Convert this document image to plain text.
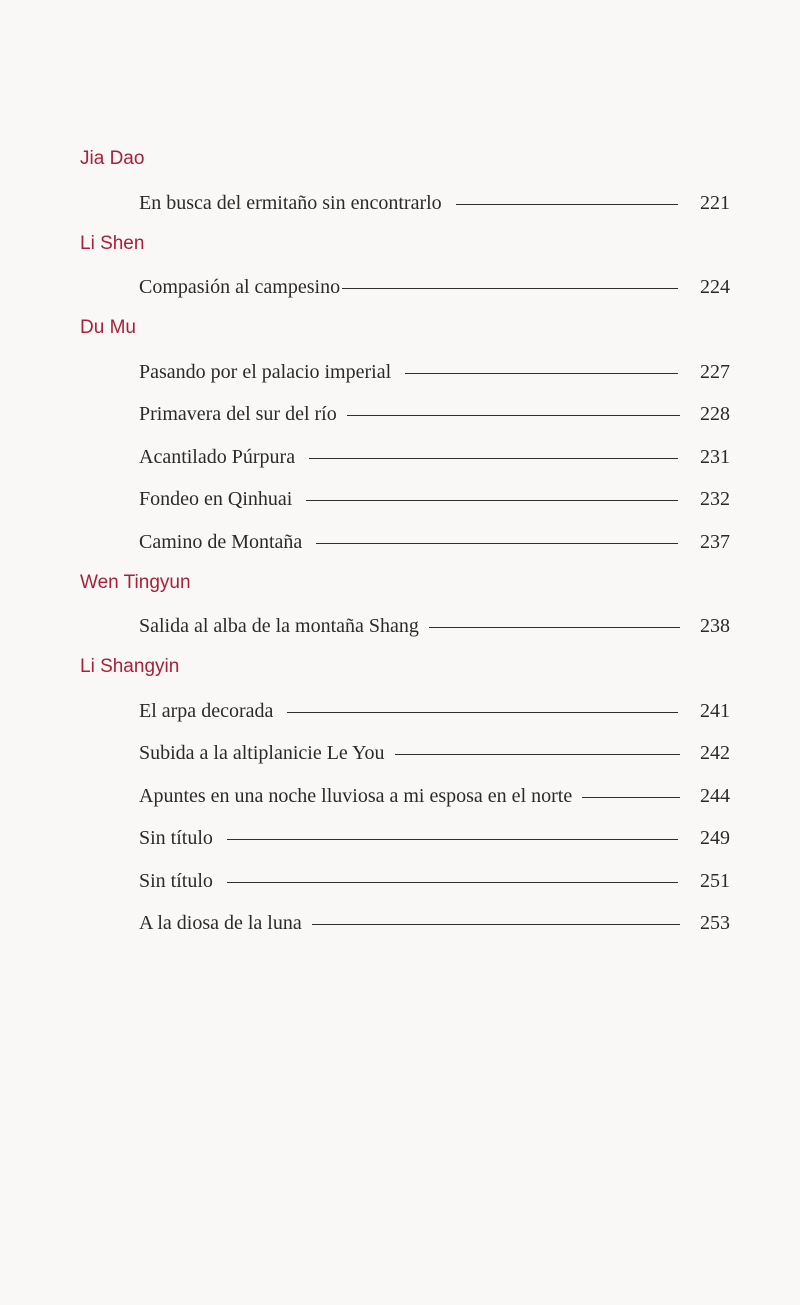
Jia Dao
En busca del ermitaño sin encontrarlo	221
Li Shen
Compasión al campesino	224
Du Mu
Pasando por el palacio imperial	227
Primavera del sur del río	228
Acantilado Púrpura	231
Fondeo en Qinhuai	232
Camino de Montaña	237
Wen Tingyun
Salida al alba de la montaña Shang	238
Li Shangyin
El arpa decorada	241
Subida a la altiplanicie Le You	242
Apuntes en una noche lluviosa a mi esposa en el norte	244
Sin título	249
Sin título	251
A la diosa de la luna	253
